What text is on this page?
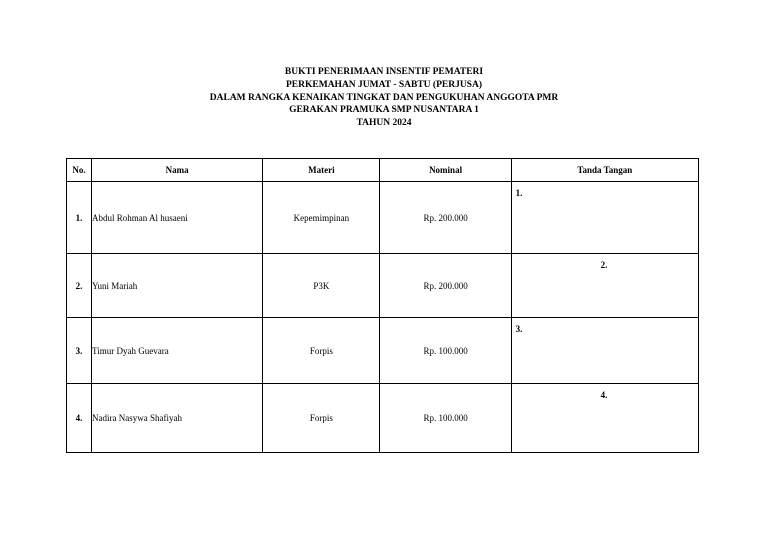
BUKTI PENERIMAAN INSENTIF PEMATERI
PERKEMAHAN JUMAT - SABTU (PERJUSA)
DALAM RANGKA KENAIKAN TINGKAT DAN PENGUKUHAN ANGGOTA PMR
GERAKAN PRAMUKA SMP NUSANTARA 1
TAHUN 2024
No.	Nama	Materi	Nominal	Tanda Tangan
1.	Abdul Rohman Al husaeni	Kepemimpinan	Rp. 200.000	1.

2.	Yuni Mariah	P3K	Rp. 200.000	2.

3.	Timur Dyah Guevara	Forpis	Rp. 100.000	3.

4.	Nadira Nasywa Shafiyah	Forpis	Rp. 100.000	4.
